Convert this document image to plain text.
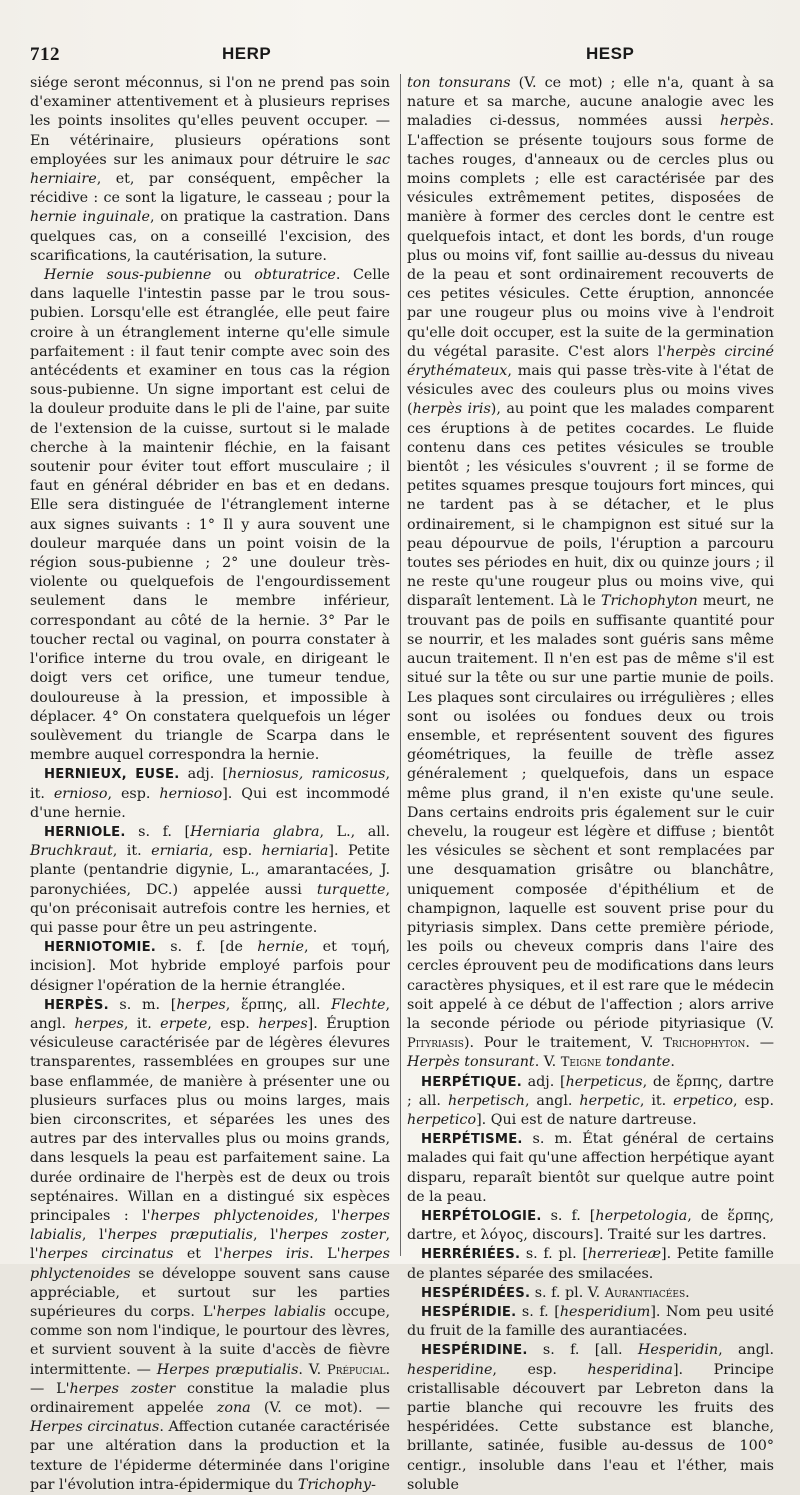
712	HERP	HESP

siége seront méconnus, si l'on ne prend pas soin d'examiner attentivement et à plusieurs reprises les points insolites qu'elles peuvent occuper. — En vétérinaire, plusieurs opérations sont employées sur les animaux pour détruire le sac herniaire, et, par conséquent, empêcher la récidive : ce sont la ligature, le casseau ; pour la hernie inguinale, on pratique la castration. Dans quelques cas, on a conseillé l'excision, des scarifications, la cautérisation, la suture.

Hernie sous-pubienne ou obturatrice. Celle dans laquelle l'intestin passe par le trou sous-pubien. Lorsqu'elle est étranglée, elle peut faire croire à un étranglement interne qu'elle simule parfaitement : il faut tenir compte avec soin des antécédents et examiner en tous cas la région sous-pubienne. Un signe important est celui de la douleur produite dans le pli de l'aine, par suite de l'extension de la cuisse, surtout si le malade cherche à la maintenir fléchie, en la faisant soutenir pour éviter tout effort musculaire ; il faut en général débrider en bas et en dedans. Elle sera distinguée de l'étranglement interne aux signes suivants : 1° Il y aura souvent une douleur marquée dans un point voisin de la région sous-pubienne ; 2° une douleur très-violente ou quelquefois de l'engourdissement seulement dans le membre inférieur, correspondant au côté de la hernie. 3° Par le toucher rectal ou vaginal, on pourra constater à l'orifice interne du trou ovale, en dirigeant le doigt vers cet orifice, une tumeur tendue, douloureuse à la pression, et impossible à déplacer. 4° On constatera quelquefois un léger soulèvement du triangle de Scarpa dans le membre auquel correspondra la hernie.

HERNIEUX, EUSE. adj. [herniosus, ramicosus, it. ernioso, esp. hernioso]. Qui est incommodé d'une hernie.

HERNIOLE. s. f. [Herniaria glabra, L., all. Bruchkraut, it. erniaria, esp. herniaria]. Petite plante (pentandrie digynie, L., amarantacées, J. paronychiées, DC.) appelée aussi turquette, qu'on préconisait autrefois contre les hernies, et qui passe pour être un peu astringente.

HERNIOTOMIE. s. f. [de hernie, et τομή, incision]. Mot hybride employé parfois pour désigner l'opération de la hernie étranglée.

HERPÈS. s. m. [herpes, ἕρπης, all. Flechte, angl. herpes, it. erpete, esp. herpes]. Éruption vésiculeuse caractérisée par de légères élevures transparentes, rassemblées en groupes sur une base enflammée, de manière à présenter une ou plusieurs surfaces plus ou moins larges, mais bien circonscrites, et séparées les unes des autres par des intervalles plus ou moins grands, dans lesquels la peau est parfaitement saine. La durée ordinaire de l'herpès est de deux ou trois septénaires. Willan en a distingué six espèces principales : l'herpes phlyctenoides, l'herpes labialis, l'herpes præputialis, l'herpes zoster, l'herpes circinatus et l'herpes iris. L'herpes phlyctenoides se développe souvent sans cause appréciable, et surtout sur les parties supérieures du corps. L'herpes labialis occupe, comme son nom l'indique, le pourtour des lèvres, et survient souvent à la suite d'accès de fièvre intermittente. — Herpes præputialis. V. Prépucial. — L'herpes zoster constitue la maladie plus ordinairement appelée zona (V. ce mot). — Herpes circinatus. Affection cutanée caractérisée par une altération dans la production et la texture de l'épiderme déterminée dans l'origine par l'évolution intra-épidermique du Trichophy-

ton tonsurans (V. ce mot) ; elle n'a, quant à sa nature et sa marche, aucune analogie avec les maladies ci-dessus, nommées aussi herpès. L'affection se présente toujours sous forme de taches rouges, d'anneaux ou de cercles plus ou moins complets ; elle est caractérisée par des vésicules extrêmement petites, disposées de manière à former des cercles dont le centre est quelquefois intact, et dont les bords, d'un rouge plus ou moins vif, font saillie au-dessus du niveau de la peau et sont ordinairement recouverts de ces petites vésicules. Cette éruption, annoncée par une rougeur plus ou moins vive à l'endroit qu'elle doit occuper, est la suite de la germination du végétal parasite. C'est alors l'herpès circiné érythémateux, mais qui passe très-vite à l'état de vésicules avec des couleurs plus ou moins vives (herpès iris), au point que les malades comparent ces éruptions à de petites cocardes. Le fluide contenu dans ces petites vésicules se trouble bientôt ; les vésicules s'ouvrent ; il se forme de petites squames presque toujours fort minces, qui ne tardent pas à se détacher, et le plus ordinairement, si le champignon est situé sur la peau dépourvue de poils, l'éruption a parcouru toutes ses périodes en huit, dix ou quinze jours ; il ne reste qu'une rougeur plus ou moins vive, qui disparaît lentement. Là le Trichophyton meurt, ne trouvant pas de poils en suffisante quantité pour se nourrir, et les malades sont guéris sans même aucun traitement. Il n'en est pas de même s'il est situé sur la tête ou sur une partie munie de poils. Les plaques sont circulaires ou irrégulières ; elles sont ou isolées ou fondues deux ou trois ensemble, et représentent souvent des figures géométriques, la feuille de trèfle assez généralement ; quelquefois, dans un espace même plus grand, il n'en existe qu'une seule. Dans certains endroits pris également sur le cuir chevelu, la rougeur est légère et diffuse ; bientôt les vésicules se sèchent et sont remplacées par une desquamation grisâtre ou blanchâtre, uniquement composée d'épithélium et de champignon, laquelle est souvent prise pour du pityriasis simplex. Dans cette première période, les poils ou cheveux compris dans l'aire des cercles éprouvent peu de modifications dans leurs caractères physiques, et il est rare que le médecin soit appelé à ce début de l'affection ; alors arrive la seconde période ou période pityriasique (V. Pityriasis). Pour le traitement, V. Trichophyton. — Herpès tonsurant. V. Teigne tondante.

HERPÉTIQUE. adj. [herpeticus, de ἕρπης, dartre ; all. herpetisch, angl. herpetic, it. erpetico, esp. herpetico]. Qui est de nature dartreuse.

HERPÉTISME. s. m. État général de certains malades qui fait qu'une affection herpétique ayant disparu, reparaît bientôt sur quelque autre point de la peau.

HERPÉTOLOGIE. s. f. [herpetologia, de ἕρπης, dartre, et λόγος, discours]. Traité sur les dartres.

HERRÉRIÉES. s. f. pl. [herrerieæ]. Petite famille de plantes séparée des smilacées.

HESPÉRIDÉES. s. f. pl. V. Aurantiacées.

HESPÉRIDIE. s. f. [hesperidium]. Nom peu usité du fruit de la famille des aurantiacées.

HESPÉRIDINE. s. f. [all. Hesperidin, angl. hesperidine, esp. hesperidina]. Principe cristallisable découvert par Lebreton dans la partie blanche qui recouvre les fruits des hespéridées. Cette substance est blanche, brillante, satinée, fusible au-dessus de 100° centigr., insoluble dans l'eau et l'éther, mais soluble
